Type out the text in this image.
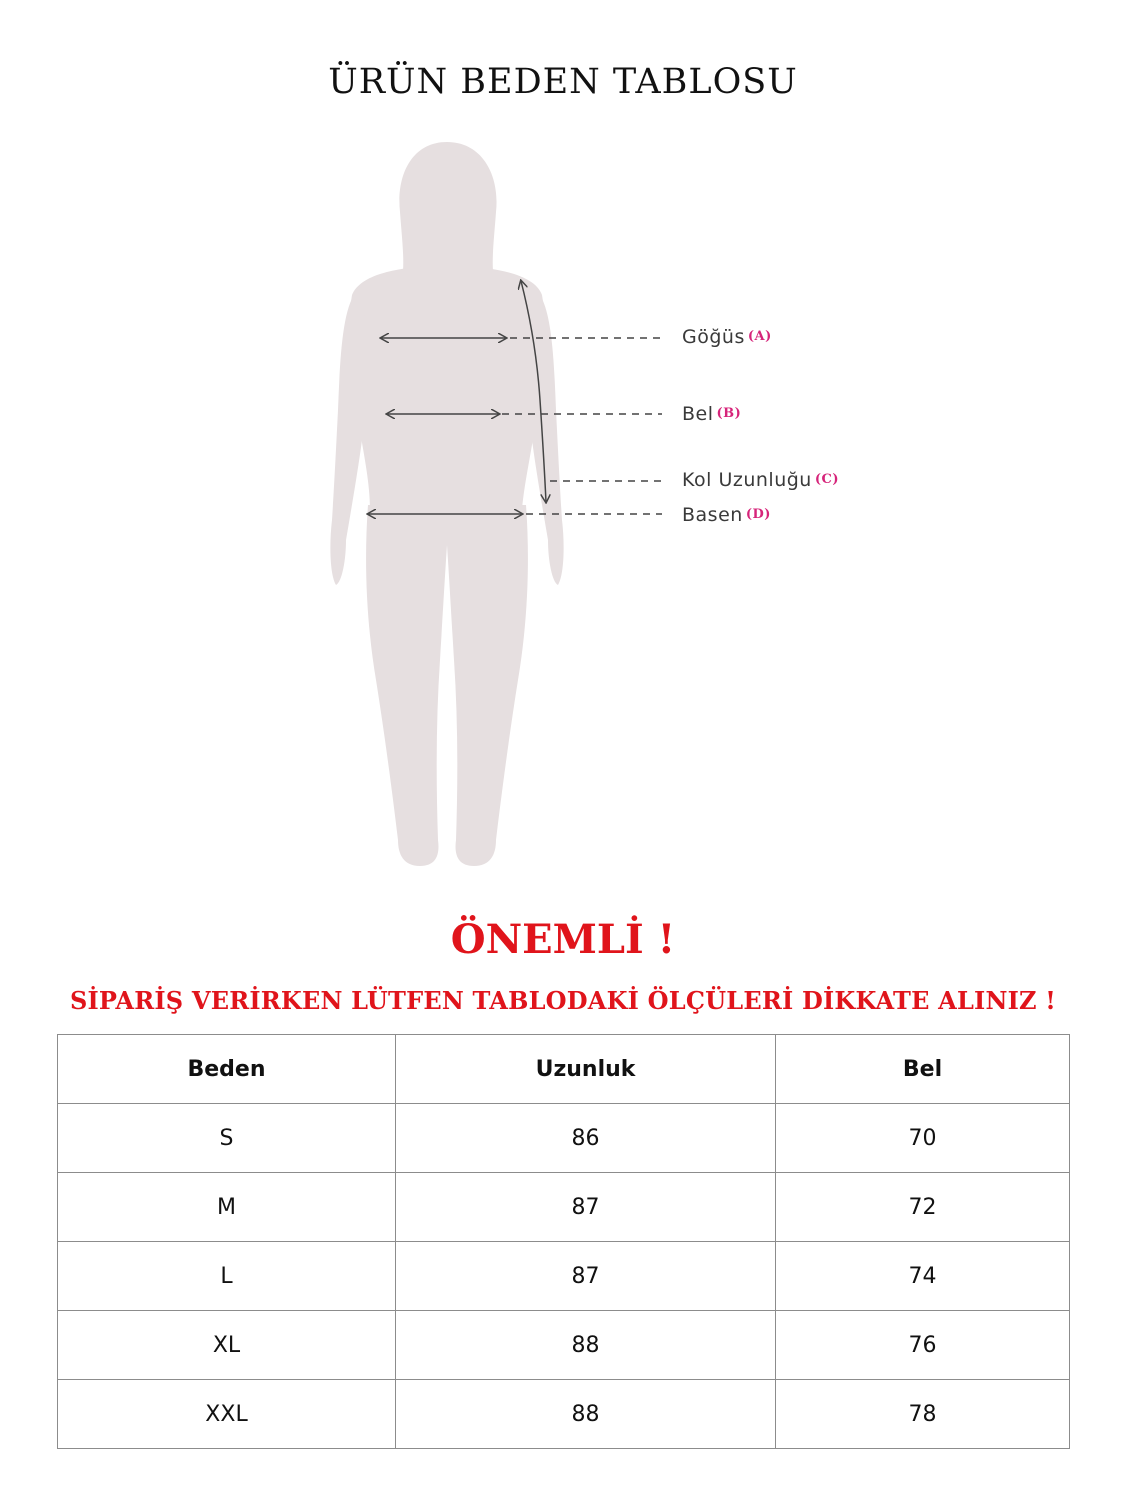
ÜRÜN BEDEN TABLOSU
Göğüs (A)
Bel (B)
Kol Uzunluğu (C)
Basen (D)
ÖNEMLİ !
SİPARİŞ VERİRKEN LÜTFEN TABLODAKİ ÖLÇÜLERİ DİKKATE ALINIZ !
Beden	Uzunluk	Bel
S	86	70
M	87	72
L	87	74
XL	88	76
XXL	88	78
